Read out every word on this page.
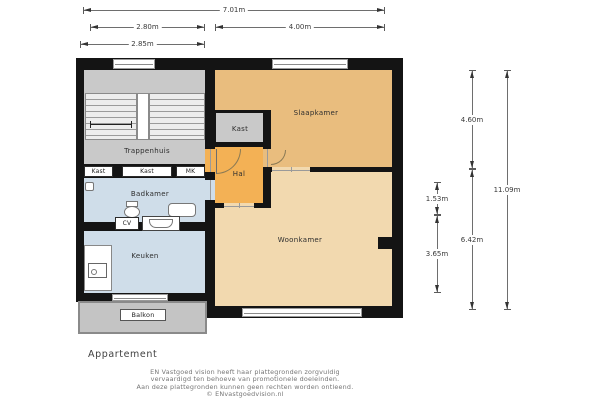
7.01m
2.80m	4.00m
2.85m
1.53m
3.65m
4.60m
6.42m
11.09m
Balkon
Kast	Kast	MK
CV
Trappenhuis
Badkamer
Keuken
Hal
Kast
Slaapkamer
Woonkamer
Appartement
EN Vastgoed vision heeft haar plattegronden zorgvuldig
vervaardigd ten behoeve van promotionele doeleinden.
Aan deze plattegronden kunnen geen rechten worden ontleend.
© ENvastgoedvision.nl
